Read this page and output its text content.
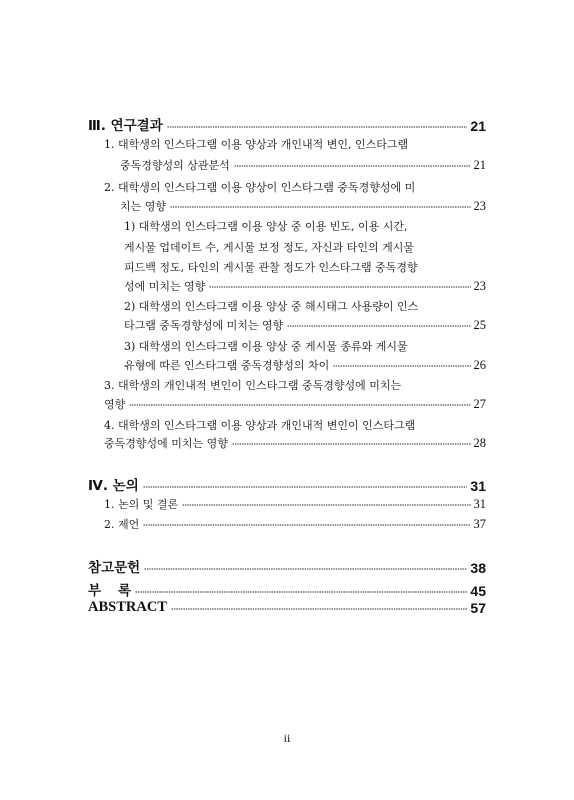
Ⅲ. 연구결과	21
1. 대학생의 인스타그램 이용 양상과 개인내적 변인, 인스타그램
중독경향성의 상관분석	21
2. 대학생의 인스타그램 이용 양상이 인스타그램 중독경향성에 미
치는 영향	23
1) 대학생의 인스타그램 이용 양상 중 이용 빈도, 이용 시간,
게시물 업데이트 수, 게시물 보정 정도, 자신과 타인의 게시물
피드백 정도, 타인의 게시물 관찰 정도가 인스타그램 중독경향
성에 미치는 영향	23
2) 대학생의 인스타그램 이용 양상 중 해시태그 사용량이 인스
타그램 중독경향성에 미치는 영향	25
3) 대학생의 인스타그램 이용 양상 중 게시물 종류와 게시물
유형에 따른 인스타그램 중독경향성의 차이	26
3. 대학생의 개인내적 변인이 인스타그램 중독경향성에 미치는
영향	27
4. 대학생의 인스타그램 이용 양상과 개인내적 변인이 인스타그램
중독경향성에 미치는 영향	28
Ⅳ. 논의	31
1. 논의 및 결론	31
2. 제언	37
참고문헌	38
부 록	45
ABSTRACT	57
ii
